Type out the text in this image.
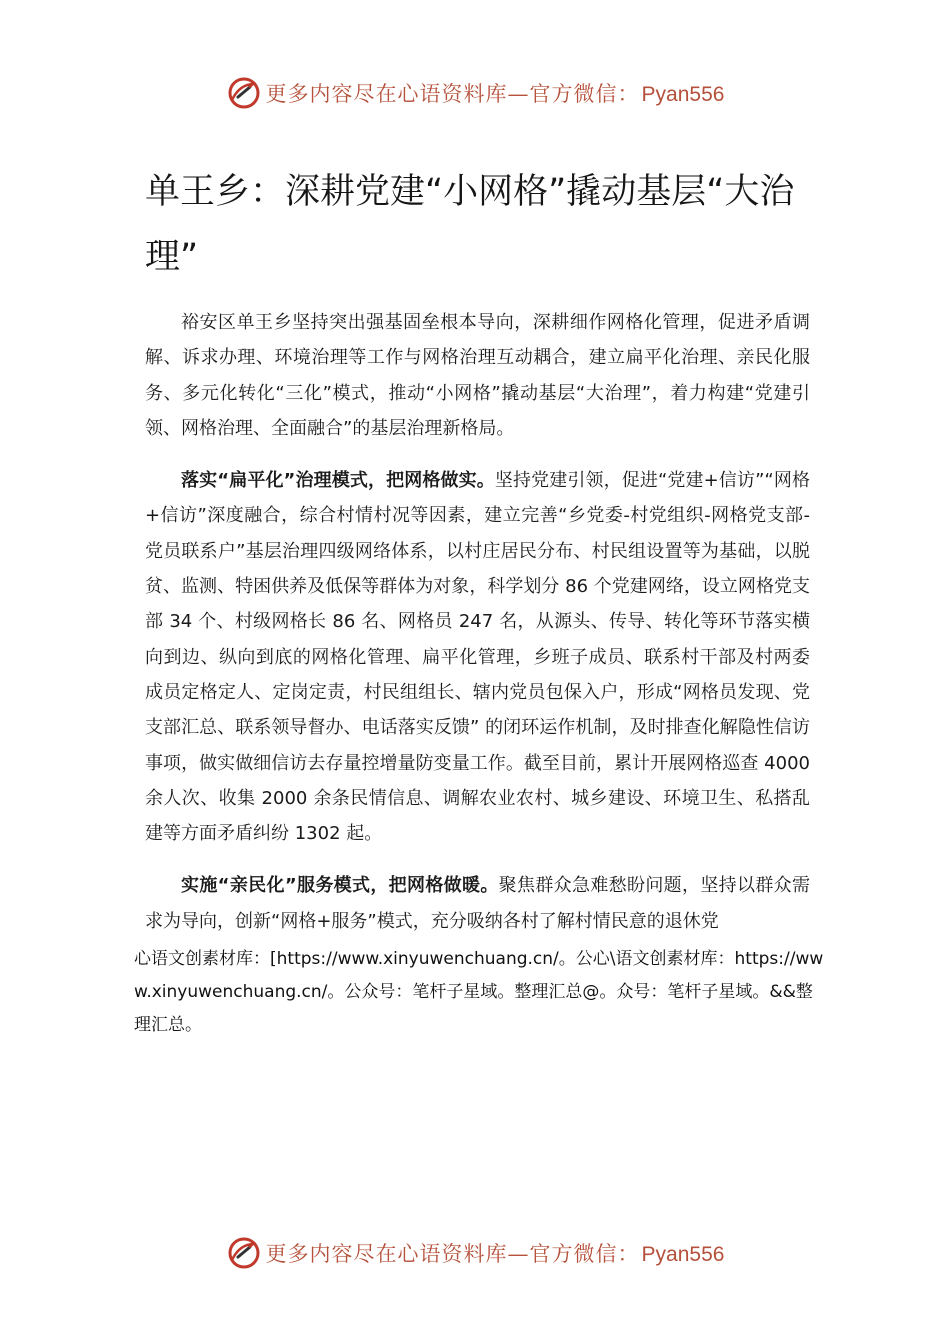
更多内容尽在心语资料库—官方微信：Pyan556
单王乡：深耕党建“小网格”撬动基层“大治理”

裕安区单王乡坚持突出强基固垒根本导向，深耕细作网格化管理，促进矛盾调解、诉求办理、环境治理等工作与网格治理互动耦合，建立扁平化治理、亲民化服务、多元化转化“三化”模式，推动“小网格”撬动基层“大治理”，着力构建“党建引领、网格治理、全面融合”的基层治理新格局。

落实“扁平化”治理模式，把网格做实。坚持党建引领，促进“党建+信访”“网格+信访”深度融合，综合村情村况等因素，建立完善“乡党委-村党组织-网格党支部-党员联系户”基层治理四级网络体系，以村庄居民分布、村民组设置等为基础，以脱贫、监测、特困供养及低保等群体为对象，科学划分 86 个党建网络，设立网格党支部 34 个、村级网格长 86 名、网格员 247 名，从源头、传导、转化等环节落实横向到边、纵向到底的网格化管理、扁平化管理，乡班子成员、联系村干部及村两委成员定格定人、定岗定责，村民组组长、辖内党员包保入户，形成“网格员发现、党支部汇总、联系领导督办、电话落实反馈” 的闭环运作机制，及时排查化解隐性信访事项，做实做细信访去存量控增量防变量工作。截至目前，累计开展网格巡查 4000 余人次、收集 2000 余条民情信息、调解农业农村、城乡建设、环境卫生、私搭乱建等方面矛盾纠纷 1302 起。

实施“亲民化”服务模式，把网格做暖。聚焦群众急难愁盼问题，坚持以群众需求为导向，创新“网格+服务”模式，充分吸纳各村了解村情民意的退休党

心语文创素材库：[https://www.xinyuwenchuang.cn/。公心\语文创素材库：https://www.xinyuwenchuang.cn/。公众号：笔杆子星域。整理汇总@。众号：笔杆子星域。&&整理汇总。

更多内容尽在心语资料库—官方微信：Pyan556
